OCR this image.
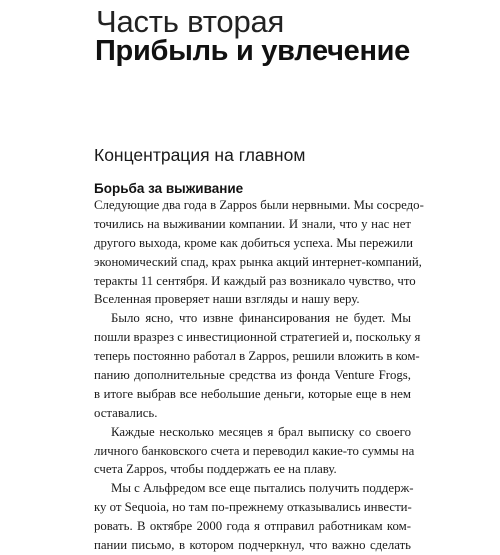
Часть вторая
Прибыль и увлечение
Концентрация на главном
Борьба за выживание
Следующие два года в Zappos были нервными. Мы сосредо-
точились на выживании компании. И знали, что у нас нет
другого выхода, кроме как добиться успеха. Мы пережили
экономический спад, крах рынка акций интернет-компаний,
теракты 11 сентября. И каждый раз возникало чувство, что
Вселенная проверяет наши взгляды и нашу веру.
Было ясно, что извне финансирования не будет. Мы
пошли вразрез с инвестиционной стратегией и, поскольку я
теперь постоянно работал в Zappos, решили вложить в ком-
панию дополнительные средства из фонда Venture Frogs,
в итоге выбрав все небольшие деньги, которые еще в нем
оставались.
Каждые несколько месяцев я брал выписку со своего
личного банковского счета и переводил какие-то суммы на
счета Zappos, чтобы поддержать ее на плаву.
Мы с Альфредом все еще пытались получить поддерж-
ку от Sequoia, но там по-прежнему отказывались инвести-
ровать. В октябре 2000 года я отправил работникам ком-
пании письмо, в котором подчеркнул, что важно сделать
